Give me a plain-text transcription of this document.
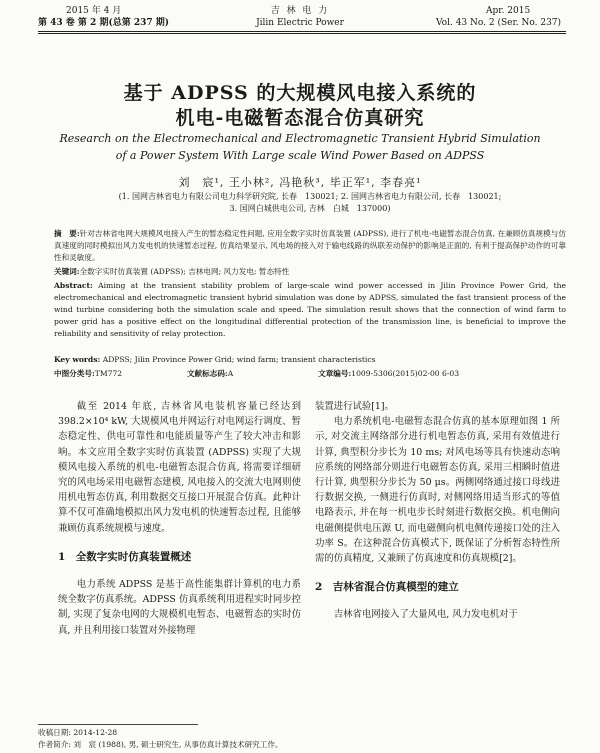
2015 年 4 月	吉 林 电 力	Apr. 2015
第 43 卷 第 2 期(总第 237 期)	Jilin Electric Power	Vol. 43 No. 2 (Ser. No. 237)
基于 ADPSS 的大规模风电接入系统的
机电-电磁暂态混合仿真研究
Research on the Electromechanical and Electromagnetic Transient Hybrid Simulation
of a Power System With Large scale Wind Power Based on ADPSS
刘　宸¹, 王小林², 冯艳秋³, 毕正军¹, 李春亮¹
(1. 国网吉林省电力有限公司电力科学研究院, 长春　130021; 2. 国网吉林省电力有限公司, 长春　130021;
3. 国网白城供电公司, 吉林　白城　137000)
摘　要:针对吉林省电网大规模风电接入产生的暂态稳定性问题, 应用全数字实时仿真装置 (ADPSS), 进行了机电-电磁暂态混合仿真, 在兼顾仿真规模与仿真速度的同时模拟出风力发电机的快速暂态过程, 仿真结果显示, 风电场的接入对于输电线路的纵联差动保护的影响是正面的, 有利于提高保护动作的可靠性和灵敏度。
关键词:全数字实时仿真装置 (ADPSS); 吉林电网; 风力发电; 暂态特性
Abstract: Aiming at the transient stability problem of large-scale wind power accessed in Jilin Province Power Grid, the electromechanical and electromagnetic transient hybrid simulation was done by ADPSS, simulated the fast transient process of the wind turbine considering both the simulation scale and speed. The simulation result shows that the connection of wind farm to power grid has a positive effect on the longitudinal differential protection of the transmission line, is beneficial to improve the reliability and sensitivity of relay protection.
Key words: ADPSS; Jilin Province Power Grid; wind farm; transient characteristics
中图分类号:TM772	文献标志码:A	文章编号:1009-5306(2015)02-00 6-03

截至 2014 年底, 吉林省风电装机容量已经达到 398.2×10⁴ kW, 大规模风电并网运行对电网运行调度、暂态稳定性、供电可靠性和电能质量等产生了较大冲击和影响。本文应用全数字实时仿真装置 (ADPSS) 实现了大规模风电接入系统的机电-电磁暂态混合仿真, 将需要详细研究的风电场采用电磁暂态建模, 风电接入的交流大电网则使用机电暂态仿真, 利用数据交互接口开展混合仿真。此种计算不仅可准确地模拟出风力发电机的快速暂态过程, 且能够兼顾仿真系统规模与速度。

1　全数字实时仿真装置概述

电力系统 ADPSS 是基于高性能集群计算机的电力系统全数字仿真系统。ADPSS 仿真系统利用进程实时同步控制, 实现了复杂电网的大规模机电暂态、电磁暂态的实时仿真, 并且利用接口装置对外接物理

装置进行试验[1]。

电力系统机电-电磁暂态混合仿真的基本原理如图 1 所示, 对交流主网络部分进行机电暂态仿真, 采用有效值进行计算, 典型积分步长为 10 ms; 对风电场等具有快速动态响应系统的网络部分则进行电磁暂态仿真, 采用三相瞬时值进行计算, 典型积分步长为 50 μs。两侧网络通过接口母线进行数据交换, 一侧进行仿真时, 对侧网络用适当形式的等值电路表示, 并在每一机电步长时刻进行数据交换。机电侧向电磁侧提供电压源 U, 而电磁侧向机电侧传递接口处的注入功率 S。在这种混合仿真模式下, 既保证了分析暂态特性所需的仿真精度, 又兼顾了仿真速度和仿真规模[2]。

2　吉林省混合仿真模型的建立

吉林省电网接入了大量风电, 风力发电机对于

收稿日期: 2014-12-28
作者简介: 刘　宸 (1988), 男, 硕士研究生, 从事仿真计算技术研究工作。
